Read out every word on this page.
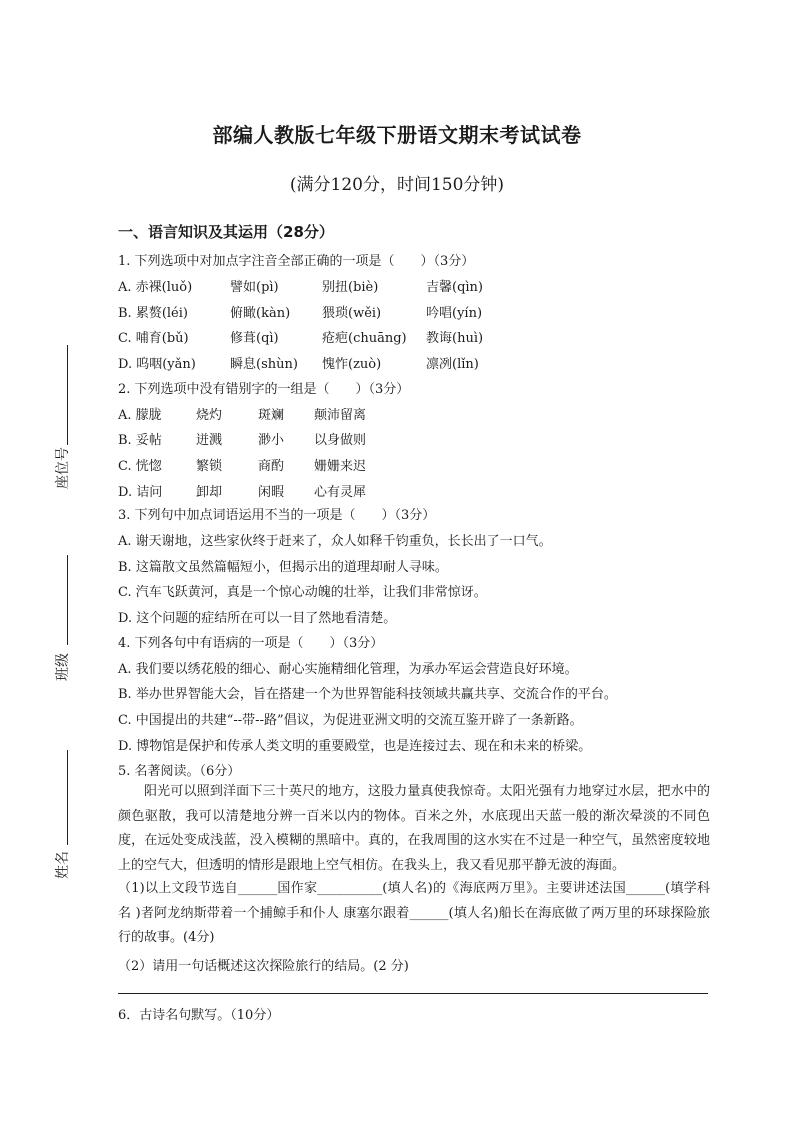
座位号
班级
姓名
部编人教版七年级下册语文期末考试试卷
(满分120分，时间150分钟)
一、语言知识及其运用（28分）
1. 下列选项中对加点字注音全部正确的一项是（　　）（3分）
A. 赤裸(luǒ)	譬如(pì)	别扭(biè)	吉馨(qìn)
B. 累赘(léi)	俯瞰(kàn) 猥琐(wěi)	吟唱(yín)
C. 哺育(bǔ)	修葺(qì)	疮疤(chuāng) 教诲(huì)
D. 呜咽(yǎn)	瞬息(shùn) 愧怍(zuò)	凛冽(lǐn)
2. 下列选项中没有错别字的一组是（　　）（3分）
A. 朦胧	烧灼	斑斓 颠沛留离
B. 妥帖	迸溅	渺小 以身做则
C. 恍惚	繁锁	商酌 姗姗来迟
D. 诘问	卸却	闲暇 心有灵犀
3. 下列句中加点词语运用不当的一项是（　　）（3分）
A. 谢天谢地，这些家伙终于赶来了，众人如释千钧重负，长长出了一口气。
B. 这篇散文虽然篇幅短小，但揭示出的道理却耐人寻味。
C. 汽车飞跃黄河，真是一个惊心动魄的壮举，让我们非常惊讶。
D. 这个问题的症结所在可以一目了然地看清楚。
4. 下列各句中有语病的一项是（　　）（3分）
A. 我们要以绣花般的细心、耐心实施精细化管理，为承办军运会营造良好环境。
B. 举办世界智能大会，旨在搭建一个为世界智能科技领域共赢共享、交流合作的平台。
C. 中国提出的共建“--带--路”倡议，为促进亚洲文明的交流互鉴开辟了一条新路。
D. 博物馆是保护和传承人类文明的重要殿堂，也是连接过去、现在和未来的桥梁。
5. 名著阅读。（6分）
阳光可以照到洋面下三十英尺的地方，这股力量真使我惊奇。太阳光强有力地穿过水层，把水中的颜色驱散，我可以清楚地分辨一百米以内的物体。百米之外，水底现出天蓝一般的渐次晕淡的不同色度，在远处变成浅蓝，没入模糊的黑暗中。真的，在我周围的这水实在不过是一种空气，虽然密度较地上的空气大，但透明的情形是跟地上空气相仿。在我头上，我又看见那平静无波的海面。
（1)以上文段节选自______国作家__________(填人名)的《海底两万里》。主要讲述法国______(填学科名 )者阿龙纳斯带着一个捕鲸手和仆人 康塞尔跟着______(填人名)船长在海底做了两万里的环球探险旅行的故事。(4分)
（2）请用一句话概述这次探险旅行的结局。(2 分)
6．古诗名句默写。（10分）
